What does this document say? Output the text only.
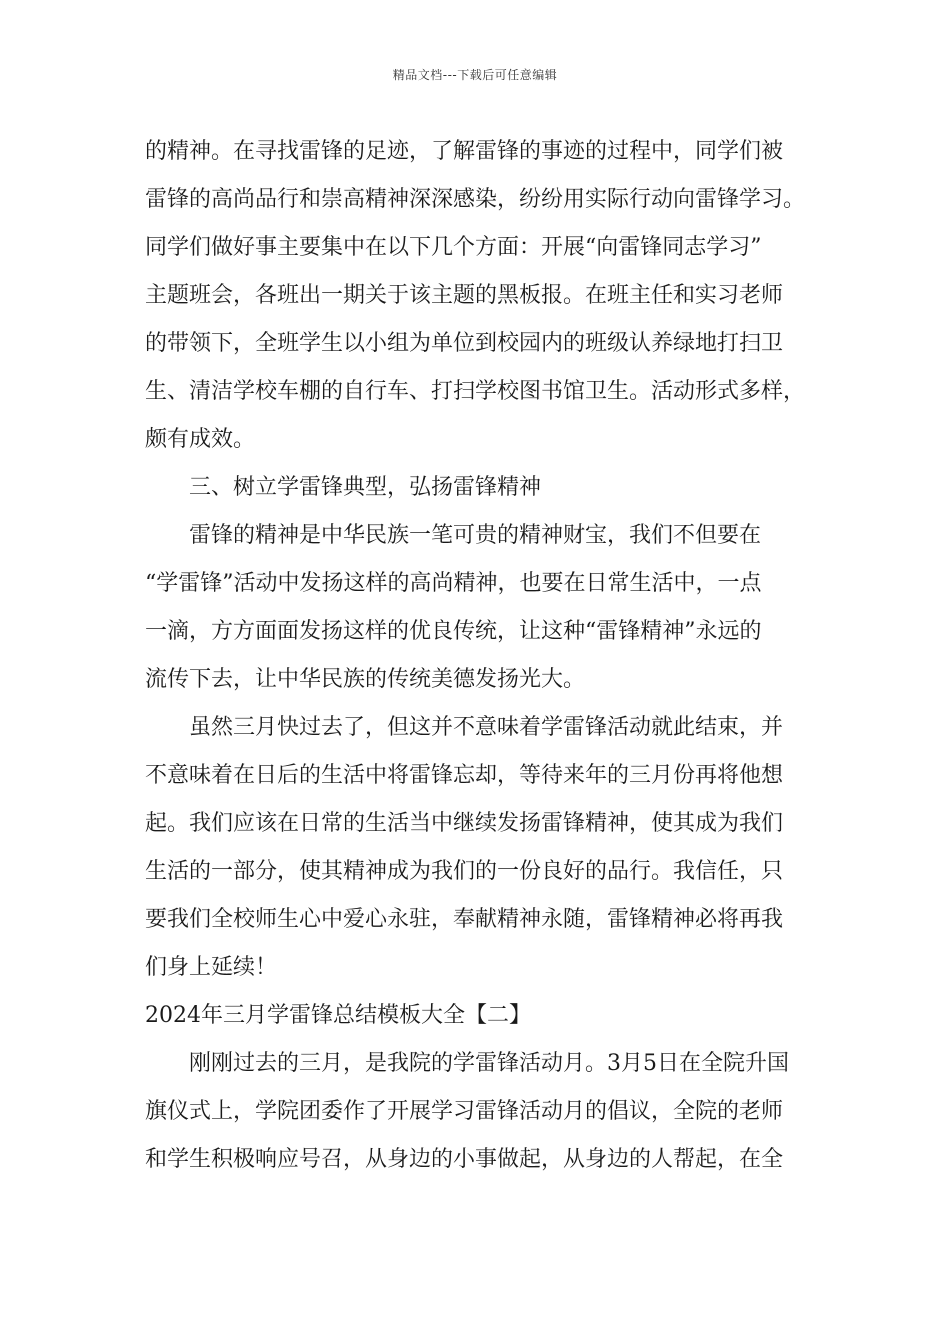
精品文档---下载后可任意编辑
的精神。在寻找雷锋的足迹，了解雷锋的事迹的过程中，同学们被
雷锋的高尚品行和崇高精神深深感染，纷纷用实际行动向雷锋学习。
同学们做好事主要集中在以下几个方面：开展“向雷锋同志学习”
主题班会，各班出一期关于该主题的黑板报。在班主任和实习老师
的带领下，全班学生以小组为单位到校园内的班级认养绿地打扫卫
生、清洁学校车棚的自行车、打扫学校图书馆卫生。活动形式多样，
颇有成效。
三、树立学雷锋典型，弘扬雷锋精神
雷锋的精神是中华民族一笔可贵的精神财宝，我们不但要在
“学雷锋”活动中发扬这样的高尚精神，也要在日常生活中，一点
一滴，方方面面发扬这样的优良传统，让这种“雷锋精神”永远的
流传下去，让中华民族的传统美德发扬光大。
虽然三月快过去了，但这并不意味着学雷锋活动就此结束，并
不意味着在日后的生活中将雷锋忘却，等待来年的三月份再将他想
起。我们应该在日常的生活当中继续发扬雷锋精神，使其成为我们
生活的一部分，使其精神成为我们的一份良好的品行。我信任，只
要我们全校师生心中爱心永驻，奉献精神永随，雷锋精神必将再我
们身上延续！
2024年三月学雷锋总结模板大全【二】
刚刚过去的三月，是我院的学雷锋活动月。3月5日在全院升国
旗仪式上，学院团委作了开展学习雷锋活动月的倡议，全院的老师
和学生积极响应号召，从身边的小事做起，从身边的人帮起，在全
